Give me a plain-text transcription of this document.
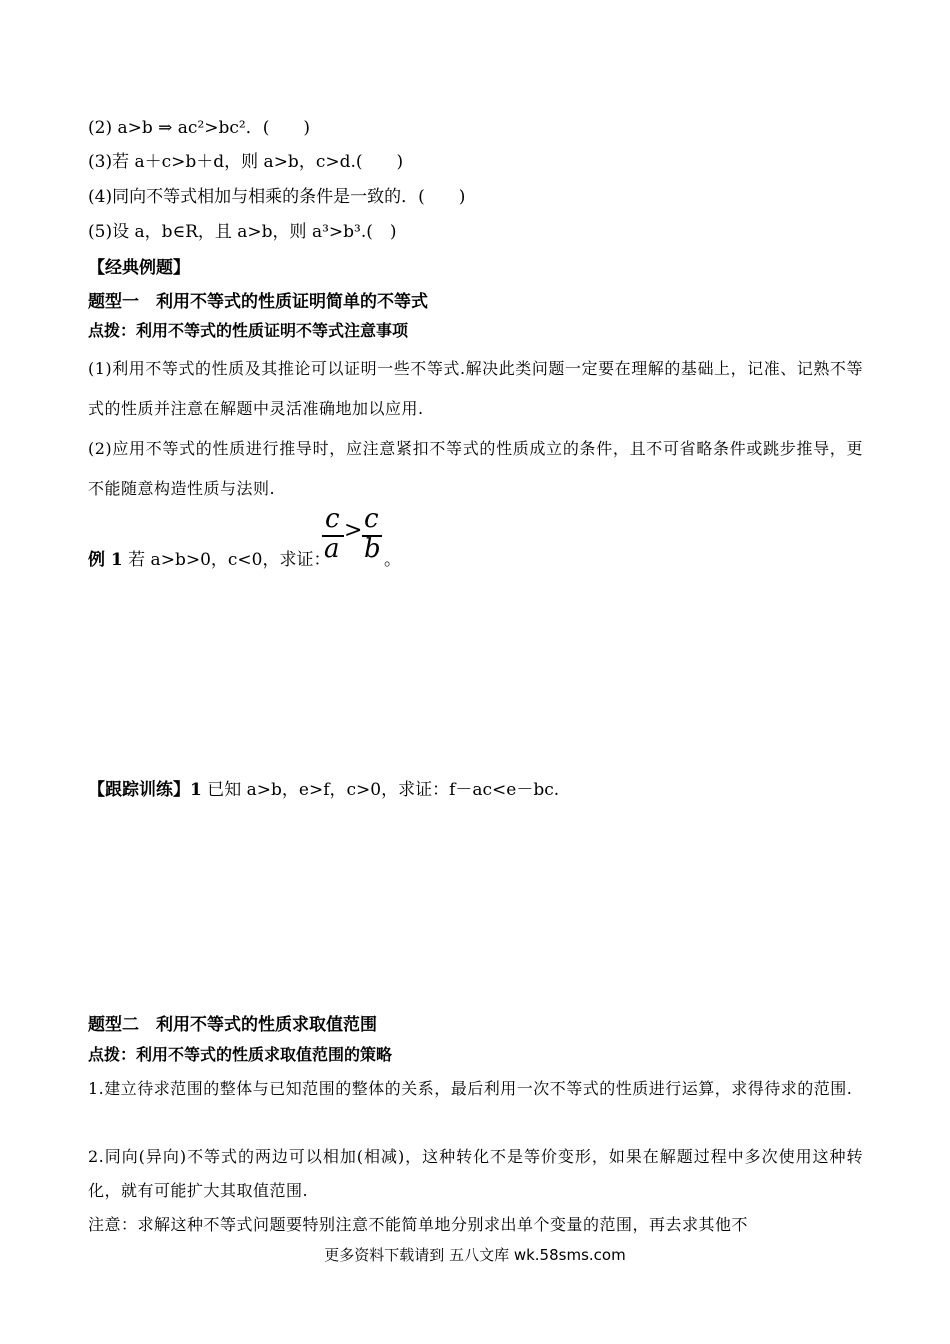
(2) a>b ⇒ ac²>bc²．(　　)
(3)若 a＋c>b＋d，则 a>b，c>d.(　　)
(4)同向不等式相加与相乘的条件是一致的．(　　)
(5)设 a，b∈R，且 a>b，则 a³>b³.(　)
【经典例题】
题型一　利用不等式的性质证明简单的不等式
点拨：利用不等式的性质证明不等式注意事项
(1)利用不等式的性质及其推论可以证明一些不等式.解决此类问题一定要在理解的基础上，记准、记熟不等式的性质并注意在解题中灵活准确地加以应用.
(2)应用不等式的性质进行推导时，应注意紧扣不等式的性质成立的条件，且不可省略条件或跳步推导，更不能随意构造性质与法则.
例 1 若 a>b>0，c<0，求证：
c
a
> c
b 。
【跟踪训练】1 已知 a>b，e>f，c>0，求证：f－ac<e－bc.
题型二　利用不等式的性质求取值范围
点拨：利用不等式的性质求取值范围的策略
1.建立待求范围的整体与已知范围的整体的关系，最后利用一次不等式的性质进行运算，求得待求的范围.
2.同向(异向)不等式的两边可以相加(相减)，这种转化不是等价变形，如果在解题过程中多次使用这种转化，就有可能扩大其取值范围.
注意：求解这种不等式问题要特别注意不能简单地分别求出单个变量的范围，再去求其他不
更多资料下载请到 五八文库 wk.58sms.com
